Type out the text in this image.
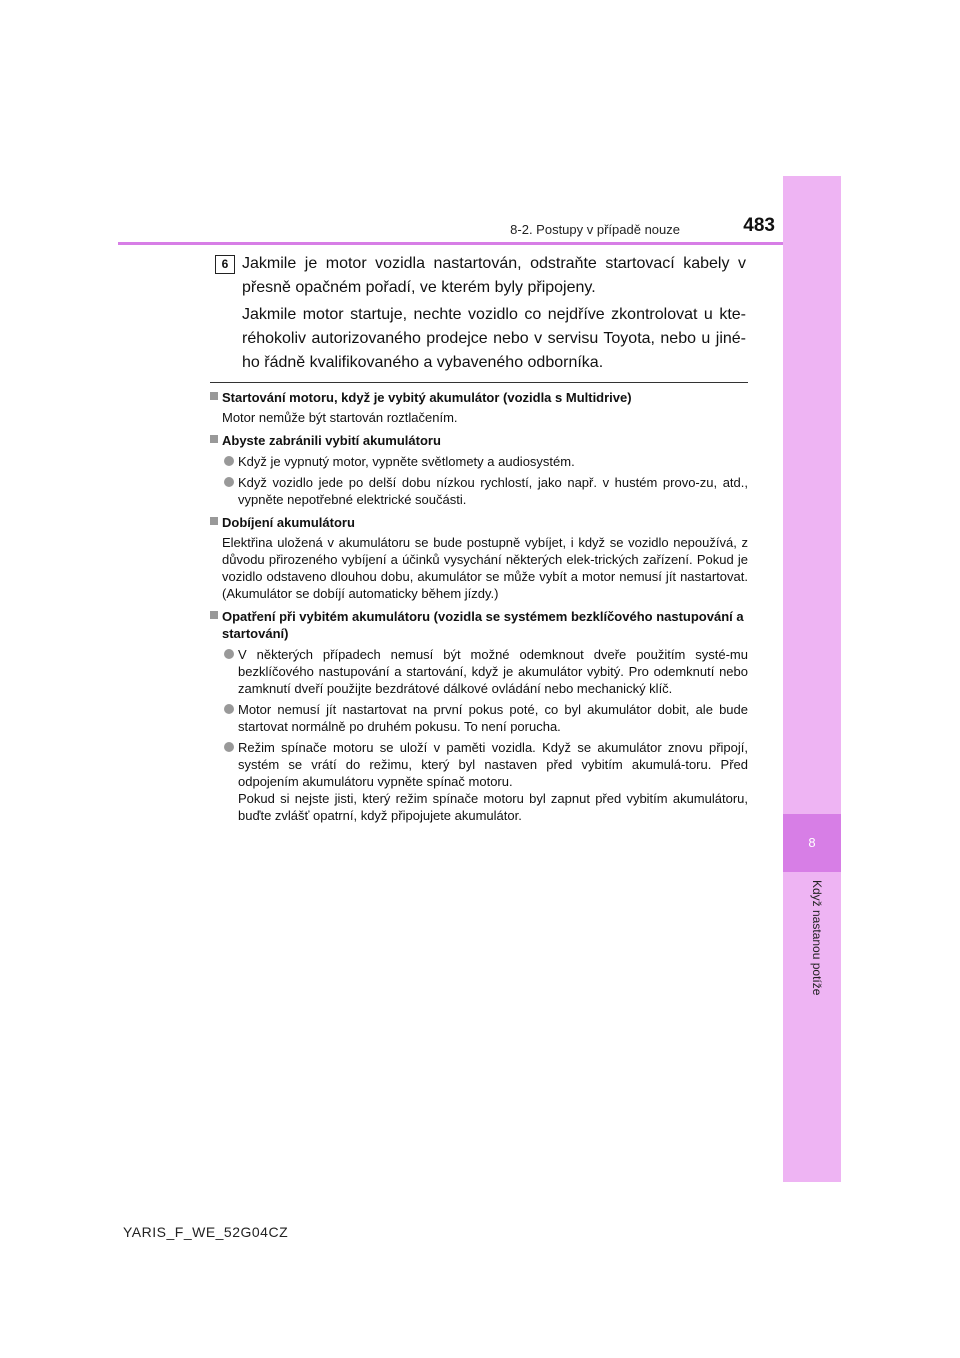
8
Když nastanou potíže
8-2. Postupy v případě nouze	483
6 Jakmile je motor vozidla nastartován, odstraňte startovací kabely v přesně opačném pořadí, ve kterém byly připojeny.

Jakmile motor startuje, nechte vozidlo co nejdříve zkontrolovat u kte-réhokoliv autorizovaného prodejce nebo v servisu Toyota, nebo u jiné-ho řádně kvalifikovaného a vybaveného odborníka.

Startování motoru, když je vybitý akumulátor (vozidla s Multidrive)
Motor nemůže být startován roztlačením.
Abyste zabránili vybití akumulátoru
Když je vypnutý motor, vypněte světlomety a audiosystém.
Když vozidlo jede po delší dobu nízkou rychlostí, jako např. v hustém provo-zu, atd., vypněte nepotřebné elektrické součásti.
Dobíjení akumulátoru
Elektřina uložená v akumulátoru se bude postupně vybíjet, i když se vozidlo nepoužívá, z důvodu přirozeného vybíjení a účinků vysychání některých elek-trických zařízení. Pokud je vozidlo odstaveno dlouhou dobu, akumulátor se může vybít a motor nemusí jít nastartovat. (Akumulátor se dobíjí automaticky během jízdy.)
Opatření při vybitém akumulátoru (vozidla se systémem bezklíčového nastupování a startování)
V některých případech nemusí být možné odemknout dveře použitím systé-mu bezklíčového nastupování a startování, když je akumulátor vybitý. Pro odemknutí nebo zamknutí dveří použijte bezdrátové dálkové ovládání nebo mechanický klíč.
Motor nemusí jít nastartovat na první pokus poté, co byl akumulátor dobit, ale bude startovat normálně po druhém pokusu. To není porucha.
Režim spínače motoru se uloží v paměti vozidla. Když se akumulátor znovu připojí, systém se vrátí do režimu, který byl nastaven před vybitím akumulá-toru. Před odpojením akumulátoru vypněte spínač motoru.

Pokud si nejste jisti, který režim spínače motoru byl zapnut před vybitím akumulátoru, buďte zvlášť opatrní, když připojujete akumulátor.

YARIS_F_WE_52G04CZ
